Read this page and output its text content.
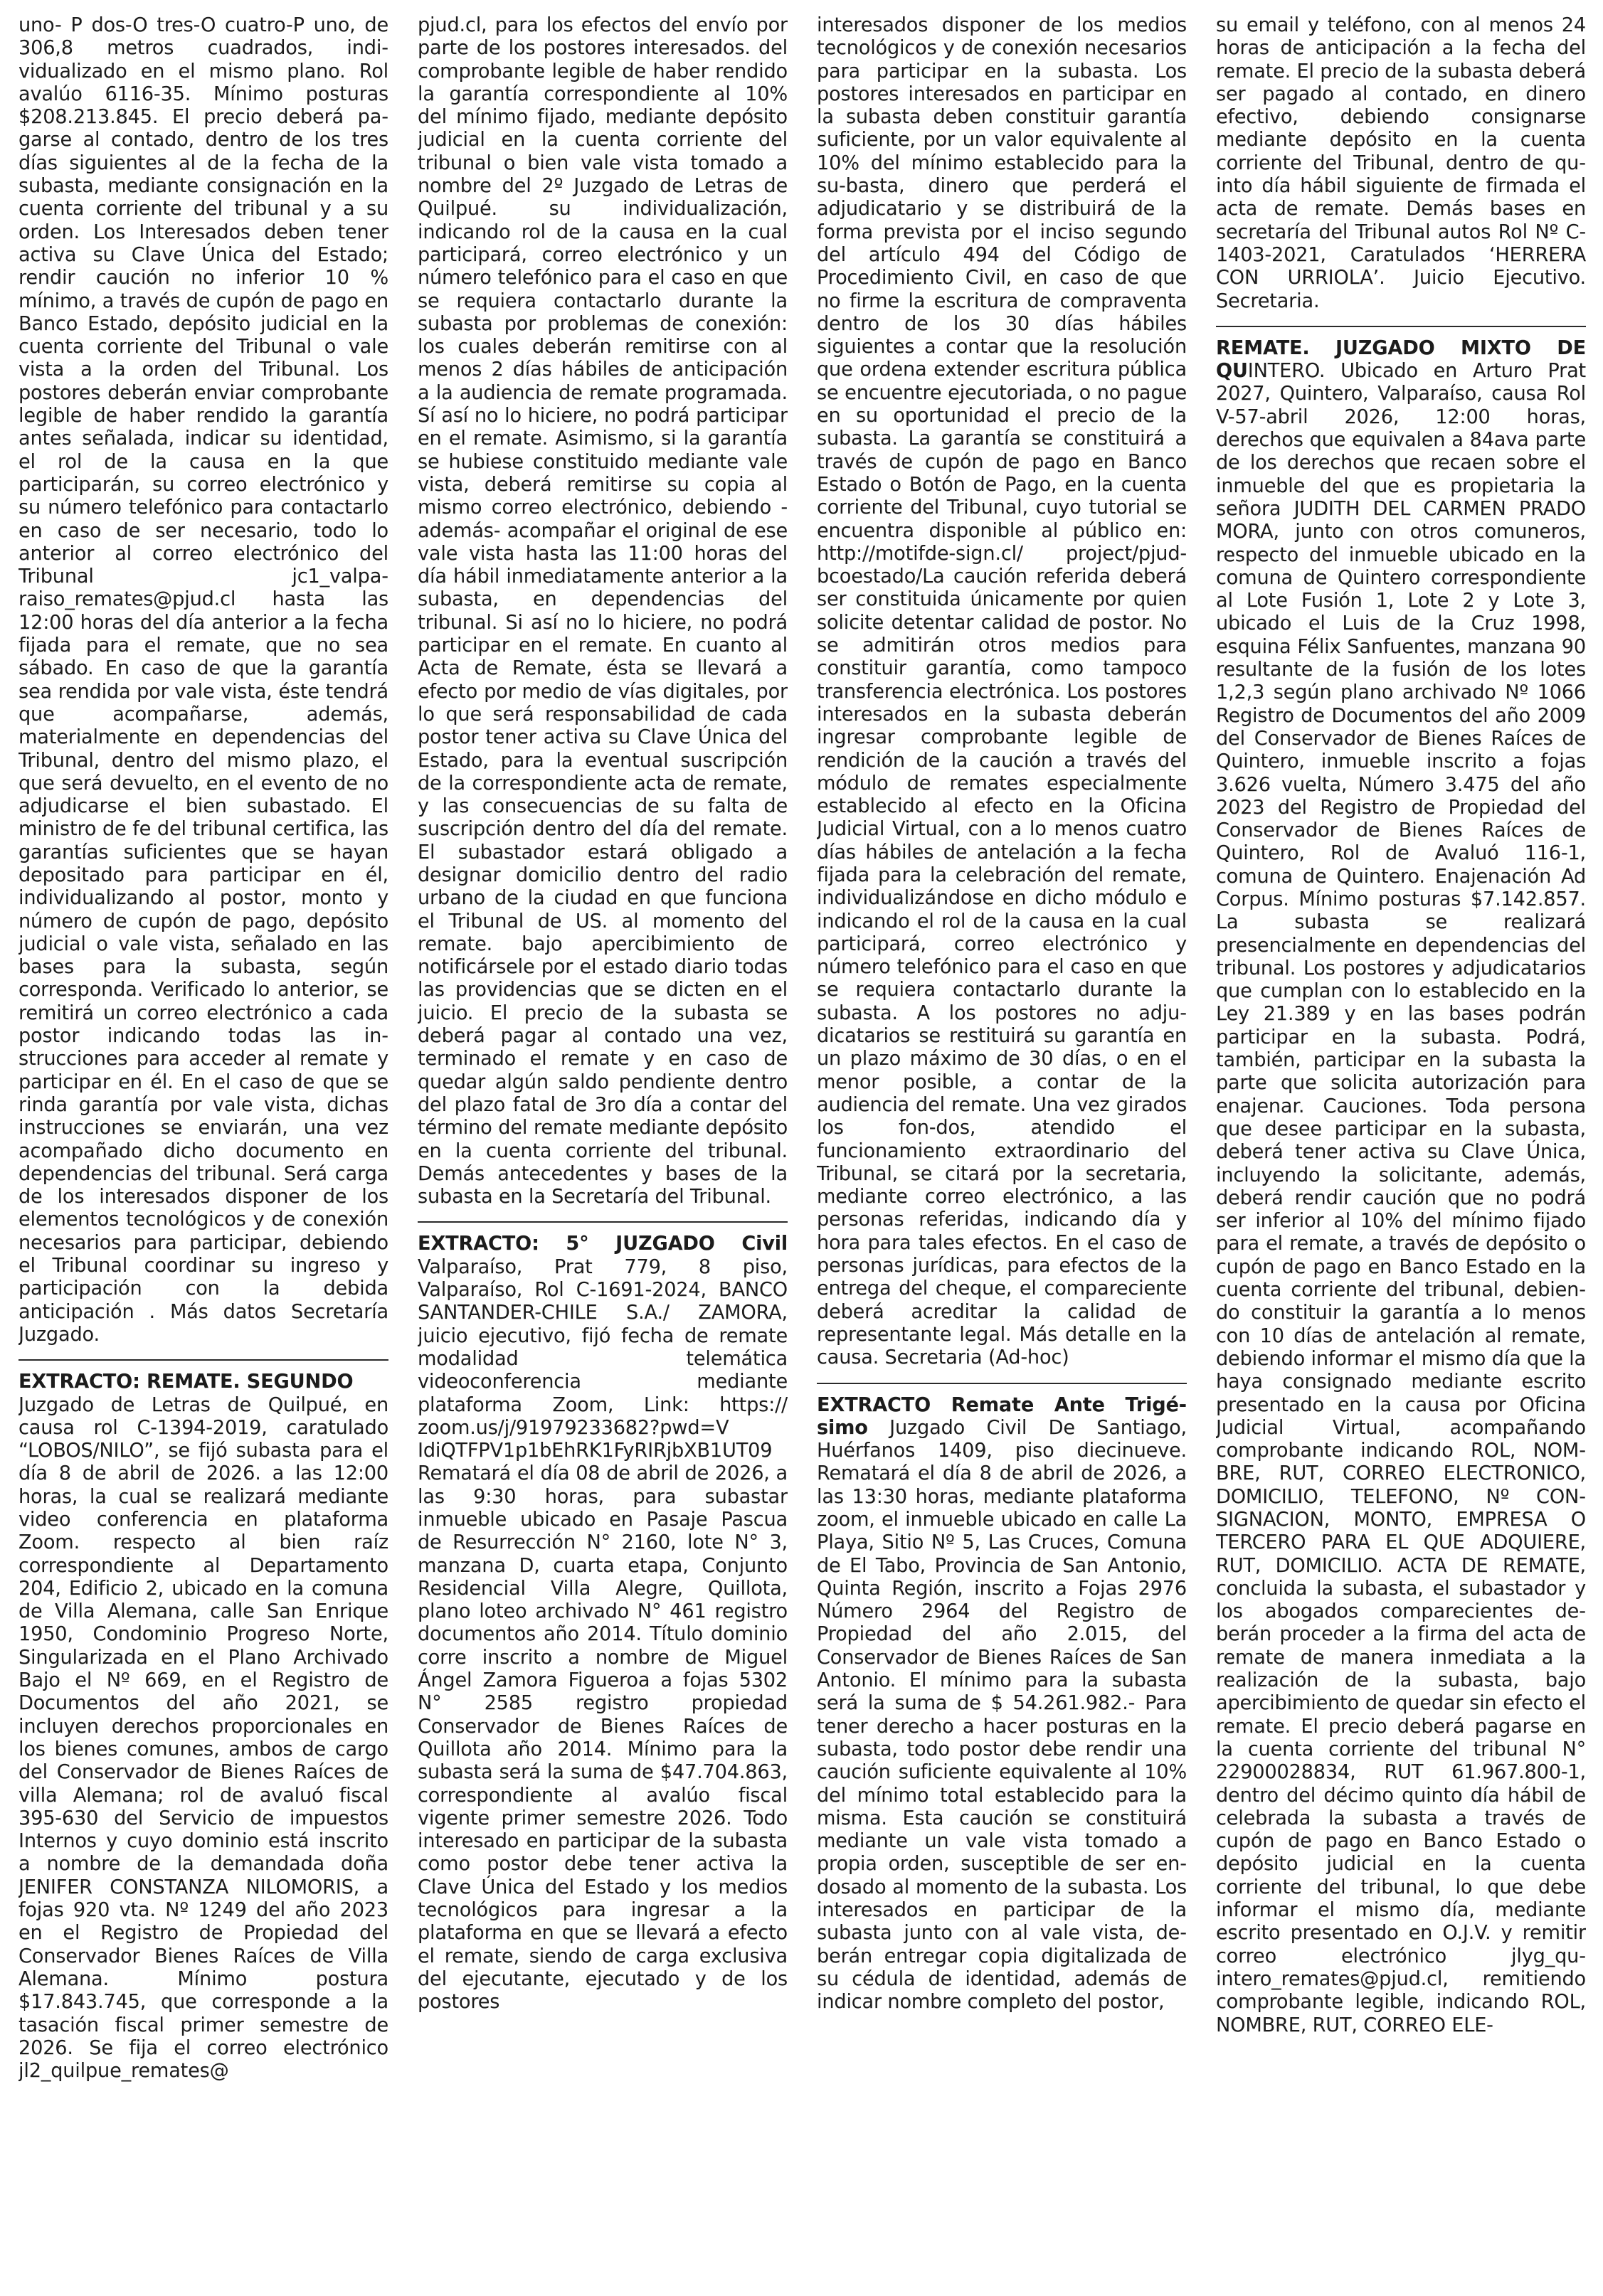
uno- P dos-O tres-O cuatro-P uno, de 306,8 metros cuadrados, individualizado en el mismo plano. Rol avalúo 6116-35. Mínimo posturas $208.213.845. El precio deberá pagarse al contado, dentro de los tres días siguientes al de la fecha de la subasta, mediante consignación en la cuenta corriente del tribunal y a su orden. Los Interesados deben tener activa su Clave Única del Estado; rendir caución no inferior 10 % mínimo, a través de cupón de pago en Banco Estado, depósito judicial en la cuenta corriente del Tribunal o vale vista a la orden del Tribunal. Los postores deberán enviar comprobante legible de haber rendido la garantía antes señalada, indicar su identidad, el rol de la causa en la que participarán, su correo electrónico y su número telefónico para contactarlo en caso de ser necesario, todo lo anterior al correo electrónico del Tribunal jc1_valparaiso_remates@pjud.cl hasta las 12:00 horas del día anterior a la fecha fijada para el remate, que no sea sábado. En caso de que la garantía sea rendida por vale vista, éste tendrá que acompañarse, además, materialmente en dependencias del Tribunal, dentro del mismo plazo, el que será devuelto, en el evento de no adjudicarse el bien subastado. El ministro de fe del tribunal certifica, las garantías suficientes que se hayan depositado para participar en él, individualizando al postor, monto y número de cupón de pago, depósito judicial o vale vista, señalado en las bases para la subasta, según corresponda. Verificado lo anterior, se remitirá un correo electrónico a cada postor indicando todas las instrucciones para acceder al remate y participar en él. En el caso de que se rinda garantía por vale vista, dichas instrucciones se enviarán, una vez acompañado dicho documento en dependencias del tribunal. Será carga de los interesados disponer de los elementos tecnológicos y de conexión necesarios para participar, debiendo el Tribunal coordinar su ingreso y participación con la debida anticipación . Más datos Secretaría Juzgado.

EXTRACTO: REMATE. SEGUNDO
Juzgado de Letras de Quilpué, en causa rol C-1394-2019, caratulado “LOBOS/NILO”, se fijó subasta para el día 8 de abril de 2026. a las 12:00 horas, la cual se realizará mediante video conferencia en plataforma Zoom. respecto al bien raíz correspondiente al Departamento 204, Edificio 2, ubicado en la comuna de Villa Alemana, calle San Enrique 1950, Condominio Progreso Norte, Singularizada en el Plano Archivado Bajo el Nº 669, en el Registro de Documentos del año 2021, se incluyen derechos proporcionales en los bienes comunes, ambos de cargo del Conservador de Bienes Raíces de villa Alemana; rol de avaluó fiscal 395-630 del Servicio de impuestos Internos y cuyo dominio está inscrito a nombre de la demandada doña JENIFER CONSTANZA NILOMORIS, a fojas 920 vta. Nº 1249 del año 2023 en el Registro de Propiedad del Conservador Bienes Raíces de Villa Alemana. Mínimo postura $17.843.745, que corresponde a la tasación fiscal primer semestre de 2026. Se fija el correo electrónico jl2_quilpue_remates@

pjud.cl, para los efectos del envío por parte de los postores interesados. del comprobante legible de haber rendido la garantía correspondiente al 10% del mínimo fijado, mediante depósito judicial en la cuenta corriente del tribunal o bien vale vista tomado a nombre del 2º Juzgado de Letras de Quilpué. su individualización, indicando rol de la causa en la cual participará, correo electrónico y un número telefónico para el caso en que se requiera contactarlo durante la subasta por problemas de conexión: los cuales deberán remitirse con al menos 2 días hábiles de anticipación a la audiencia de remate programada. Sí así no lo hiciere, no podrá participar en el remate. Asimismo, si la garantía se hubiese constituido mediante vale vista, deberá remitirse su copia al mismo correo electrónico, debiendo - además- acompañar el original de ese vale vista hasta las 11:00 horas del día hábil inmediatamente anterior a la subasta, en dependencias del tribunal. Si así no lo hiciere, no podrá participar en el remate. En cuanto al Acta de Remate, ésta se llevará a efecto por medio de vías digitales, por lo que será responsabilidad de cada postor tener activa su Clave Única del Estado, para la eventual suscripción de la correspondiente acta de remate, y las consecuencias de su falta de suscripción dentro del día del remate. El subastador estará obligado a designar domicilio dentro del radio urbano de la ciudad en que funciona el Tribunal de US. al momento del remate. bajo apercibimiento de notificársele por el estado diario todas las providencias que se dicten en el juicio. El precio de la subasta se deberá pagar al contado una vez, terminado el remate y en caso de quedar algún saldo pendiente dentro del plazo fatal de 3ro día a contar del término del remate mediante depósito en la cuenta corriente del tribunal. Demás antecedentes y bases de la subasta en la Secretaría del Tribunal.

EXTRACTO: 5° JUZGADO Civil Valparaíso, Prat 779, 8 piso, Valparaíso, Rol C-1691-2024, BANCO SANTANDER-CHILE S.A./ ZAMORA, juicio ejecutivo, fijó fecha de remate modalidad telemática videoconferencia mediante plataforma Zoom, Link: https:// zoom.us/j/91979233682?pwd=V IdiQTFPV1p1bEhRK1FyRIRjbXB1UT09 Rematará el día 08 de abril de 2026, a las 9:30 horas, para subastar inmueble ubicado en Pasaje Pascua de Resurrección N° 2160, lote N° 3, manzana D, cuarta etapa, Conjunto Residencial Villa Alegre, Quillota, plano loteo archivado N° 461 registro documentos año 2014. Título dominio corre inscrito a nombre de Miguel Ángel Zamora Figueroa a fojas 5302 N° 2585 registro propiedad Conservador de Bienes Raíces de Quillota año 2014. Mínimo para la subasta será la suma de $47.704.863, correspondiente al avalúo fiscal vigente primer semestre 2026. Todo interesado en participar de la subasta como postor debe tener activa la Clave Única del Estado y los medios tecnológicos para ingresar a la plataforma en que se llevará a efecto el remate, siendo de carga exclusiva del ejecutante, ejecutado y de los postores

interesados disponer de los medios tecnológicos y de conexión necesarios para participar en la subasta. Los postores interesados en participar en la subasta deben constituir garantía suficiente, por un valor equivalente al 10% del mínimo establecido para la su-basta, dinero que perderá el adjudicatario y se distribuirá de la forma prevista por el inciso segundo del artículo 494 del Código de Procedimiento Civil, en caso de que no firme la escritura de compraventa dentro de los 30 días hábiles siguientes a contar que la resolución que ordena extender escritura pública se encuentre ejecutoriada, o no pague en su oportunidad el precio de la subasta. La garantía se constituirá a través de cupón de pago en Banco Estado o Botón de Pago, en la cuenta corriente del Tribunal, cuyo tutorial se encuentra disponible al público en: http://motifde-sign.cl/ project/pjud-bcoestado/La caución referida deberá ser constituida únicamente por quien solicite detentar calidad de postor. No se admitirán otros medios para constituir garantía, como tampoco transferencia electrónica. Los postores interesados en la subasta deberán ingresar comprobante legible de rendición de la caución a través del módulo de remates especialmente establecido al efecto en la Oficina Judicial Virtual, con a lo menos cuatro días hábiles de antelación a la fecha fijada para la celebración del remate, individualizándose en dicho módulo e indicando el rol de la causa en la cual participará, correo electrónico y número telefónico para el caso en que se requiera contactarlo durante la subasta. A los postores no adjudicatarios se restituirá su garantía en un plazo máximo de 30 días, o en el menor posible, a contar de la audiencia del remate. Una vez girados los fon-dos, atendido el funcionamiento extraordinario del Tribunal, se citará por la secretaria, mediante correo electrónico, a las personas referidas, indicando día y hora para tales efectos. En el caso de personas jurídicas, para efectos de la entrega del cheque, el compareciente deberá acreditar la calidad de representante legal. Más detalle en la causa. Secretaria (Ad-hoc)

EXTRACTO Remate Ante Trigésimo Juzgado Civil De Santiago, Huérfanos 1409, piso diecinueve. Rematará el día 8 de abril de 2026, a las 13:30 horas, mediante plataforma zoom, el inmueble ubicado en calle La Playa, Sitio Nº 5, Las Cruces, Comuna de El Tabo, Provincia de San Antonio, Quinta Región, inscrito a Fojas 2976 Número 2964 del Registro de Propiedad del año 2.015, del Conservador de Bienes Raíces de San Antonio. El mínimo para la subasta será la suma de $ 54.261.982.- Para tener derecho a hacer posturas en la subasta, todo postor debe rendir una caución suficiente equivalente al 10% del mínimo total establecido para la misma. Esta caución se constituirá mediante un vale vista tomado a propia orden, susceptible de ser endosado al momento de la subasta. Los interesados en participar de la subasta junto con al vale vista, deberán entregar copia digitalizada de su cédula de identidad, además de indicar nombre completo del postor,

su email y teléfono, con al menos 24 horas de anticipación a la fecha del remate. El precio de la subasta deberá ser pagado al contado, en dinero efectivo, debiendo consignarse mediante depósito en la cuenta corriente del Tribunal, dentro de quinto día hábil siguiente de firmada el acta de remate. Demás bases en secretaría del Tribunal autos Rol Nº C-1403-2021, Caratulados ‘HERRERA CON URRIOLA’. Juicio Ejecutivo. Secretaria.

REMATE. JUZGADO MIXTO DE QUINTERO. Ubicado en Arturo Prat 2027, Quintero, Valparaíso, causa Rol V-57-abril 2026, 12:00 horas, derechos que equivalen a 84ava parte de los derechos que recaen sobre el inmueble del que es propietaria la señora JUDITH DEL CARMEN PRADO MORA, junto con otros comuneros, respecto del inmueble ubicado en la comuna de Quintero correspondiente al Lote Fusión 1, Lote 2 y Lote 3, ubicado el Luis de la Cruz 1998, esquina Félix Sanfuentes, manzana 90 resultante de la fusión de los lotes 1,2,3 según plano archivado Nº 1066 Registro de Documentos del año 2009 del Conservador de Bienes Raíces de Quintero, inmueble inscrito a fojas 3.626 vuelta, Número 3.475 del año 2023 del Registro de Propiedad del Conservador de Bienes Raíces de Quintero, Rol de Avaluó 116-1, comuna de Quintero. Enajenación Ad Corpus. Mínimo posturas $7.142.857. La subasta se realizará presencialmente en dependencias del tribunal. Los postores y adjudicatarios que cumplan con lo establecido en la Ley 21.389 y en las bases podrán participar en la subasta. Podrá, también, participar en la subasta la parte que solicita autorización para enajenar. Cauciones. Toda persona que desee participar en la subasta, deberá tener activa su Clave Única, incluyendo la solicitante, además, deberá rendir caución que no podrá ser inferior al 10% del mínimo fijado para el remate, a través de depósito o cupón de pago en Banco Estado en la cuenta corriente del tribunal, debiendo constituir la garantía a lo menos con 10 días de antelación al remate, debiendo informar el mismo día que la haya consignado mediante escrito presentado en la causa por Oficina Judicial Virtual, acompañando comprobante indicando ROL, NOMBRE, RUT, CORREO ELECTRONICO, DOMICILIO, TELEFONO, Nº CONSIGNACION, MONTO, EMPRESA O TERCERO PARA EL QUE ADQUIERE, RUT, DOMICILIO. ACTA DE REMATE, concluida la subasta, el subastador y los abogados comparecientes deberán proceder a la firma del acta de remate de manera inmediata a la realización de la subasta, bajo apercibimiento de quedar sin efecto el remate. El precio deberá pagarse en la cuenta corriente del tribunal N° 22900028834, RUT 61.967.800-1, dentro del décimo quinto día hábil de celebrada la subasta a través de cupón de pago en Banco Estado o depósito judicial en la cuenta corriente del tribunal, lo que debe informar el mismo día, mediante escrito presentado en O.J.V. y remitir correo electrónico jlyg_quintero_remates@pjud.cl, remitiendo comprobante legible, indicando ROL, NOMBRE, RUT, CORREO ELE-
